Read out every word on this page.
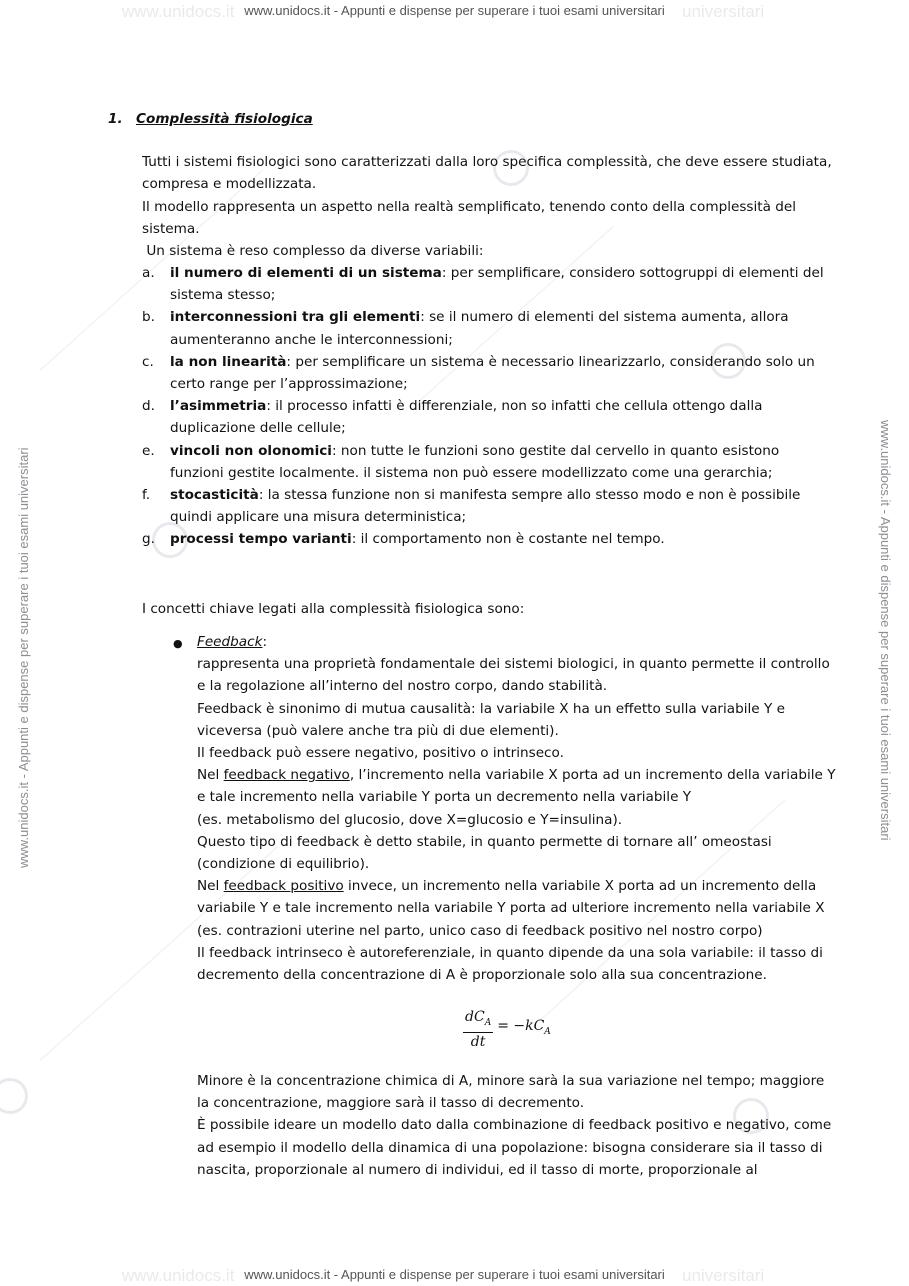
www.unidocs.it	universitari
www.unidocs.it	universitari
www.unidocs.it - Appunti e dispense per superare i tuoi esami universitari	www.unidocs.it - Appunti e dispense per superare i tuoi esami universitari
www.unidocs.it - Appunti e dispense per superare i tuoi esami universitari
www.unidocs.it - Appunti e dispense per superare i tuoi esami universitari
1. Complessità fisiologica
Tutti i sistemi fisiologici sono caratterizzati dalla loro specifica complessità, che deve essere studiata, compresa e modellizzata.
Il modello rappresenta un aspetto nella realtà semplificato, tenendo conto della complessità del sistema.
Un sistema è reso complesso da diverse variabili:
a. il numero di elementi di un sistema: per semplificare, considero sottogruppi di elementi del sistema stesso;
b. interconnessioni tra gli elementi: se il numero di elementi del sistema aumenta, allora aumenteranno anche le interconnessioni;
c. la non linearità: per semplificare un sistema è necessario linearizzarlo, considerando solo un certo range per l’approssimazione;
d. l’asimmetria: il processo infatti è differenziale, non so infatti che cellula ottengo dalla duplicazione delle cellule;
e. vincoli non olonomici: non tutte le funzioni sono gestite dal cervello in quanto esistono funzioni gestite localmente. il sistema non può essere modellizzato come una gerarchia;
f. stocasticità: la stessa funzione non si manifesta sempre allo stesso modo e non è possibile quindi applicare una misura deterministica;
g. processi tempo varianti: il comportamento non è costante nel tempo.
I concetti chiave legati alla complessità fisiologica sono:
● Feedback:
rappresenta una proprietà fondamentale dei sistemi biologici, in quanto permette il controllo e la regolazione all’interno del nostro corpo, dando stabilità.
Feedback è sinonimo di mutua causalità: la variabile X ha un effetto sulla variabile Y e viceversa (può valere anche tra più di due elementi).
Il feedback può essere negativo, positivo o intrinseco.
Nel feedback negativo, l’incremento nella variabile X porta ad un incremento della variabile Y e tale incremento nella variabile Y porta un decremento nella variabile Y
(es. metabolismo del glucosio, dove X=glucosio e Y=insulina).
Questo tipo di feedback è detto stabile, in quanto permette di tornare all’ omeostasi (condizione di equilibrio).
Nel feedback positivo invece, un incremento nella variabile X porta ad un incremento della variabile Y e tale incremento nella variabile Y porta ad ulteriore incremento nella variabile X
(es. contrazioni uterine nel parto, unico caso di feedback positivo nel nostro corpo)
Il feedback intrinseco è autoreferenziale, in quanto dipende da una sola variabile: il tasso di decremento della concentrazione di A è proporzionale solo alla sua concentrazione.
$\frac{dC_A}{dt} = -kC_A$
Minore è la concentrazione chimica di A, minore sarà la sua variazione nel tempo; maggiore la concentrazione, maggiore sarà il tasso di decremento.
È possibile ideare un modello dato dalla combinazione di feedback positivo e negativo, come ad esempio il modello della dinamica di una popolazione: bisogna considerare sia il tasso di nascita, proporzionale al numero di individui, ed il tasso di morte, proporzionale al
